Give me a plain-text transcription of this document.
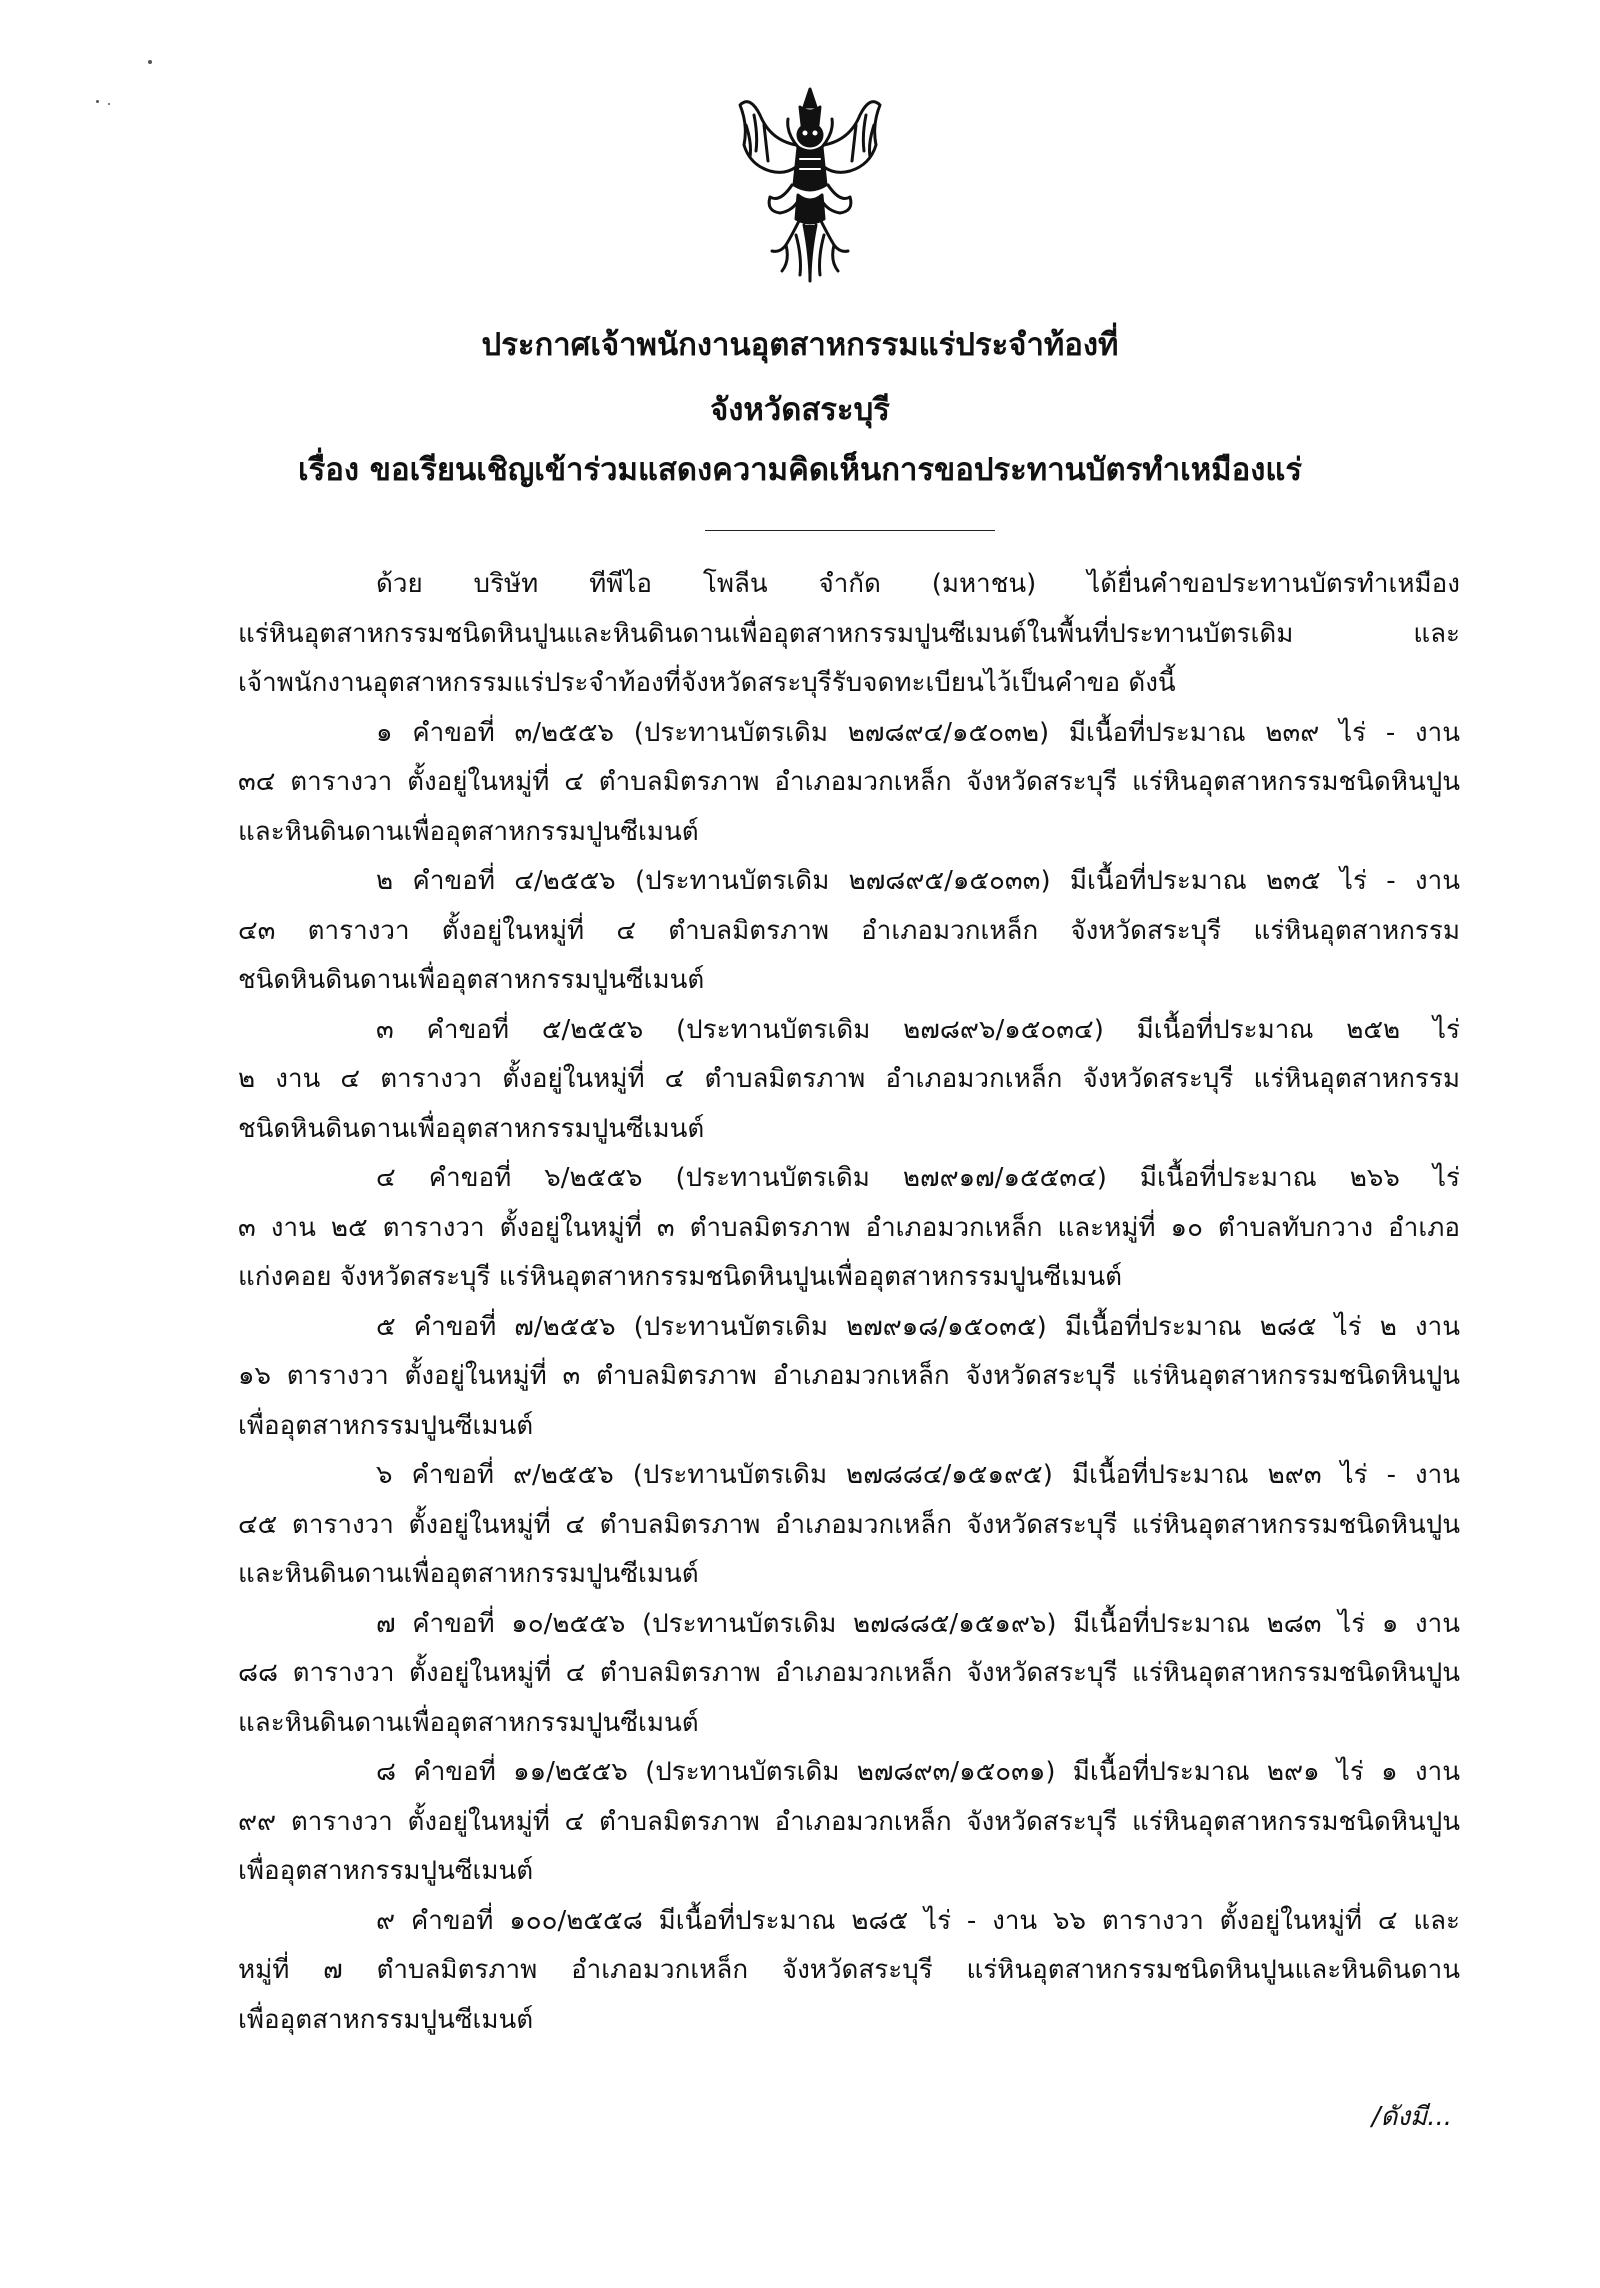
ประกาศเจ้าพนักงานอุตสาหกรรมแร่ประจำท้องที่
จังหวัดสระบุรี
เรื่อง ขอเรียนเชิญเข้าร่วมแสดงความคิดเห็นการขอประทานบัตรทำเหมืองแร่
ด้วย บริษัท ทีพีไอ โพลีน จำกัด (มหาชน) ได้ยื่นคำขอประทานบัตรทำเหมือง
แร่หินอุตสาหกรรมชนิดหินปูนและหินดินดานเพื่ออุตสาหกรรมปูนซีเมนต์ในพื้นที่ประทานบัตรเดิม และ
เจ้าพนักงานอุตสาหกรรมแร่ประจำท้องที่จังหวัดสระบุรีรับจดทะเบียนไว้เป็นคำขอ ดังนี้
๑ คำขอที่ ๓/๒๕๕๖ (ประทานบัตรเดิม ๒๗๘๙๔/๑๕๐๓๒) มีเนื้อที่ประมาณ ๒๓๙ ไร่ - งาน
๓๔ ตารางวา ตั้งอยู่ในหมู่ที่ ๔ ตำบลมิตรภาพ อำเภอมวกเหล็ก จังหวัดสระบุรี แร่หินอุตสาหกรรมชนิดหินปูน
และหินดินดานเพื่ออุตสาหกรรมปูนซีเมนต์
๒ คำขอที่ ๔/๒๕๕๖ (ประทานบัตรเดิม ๒๗๘๙๕/๑๕๐๓๓) มีเนื้อที่ประมาณ ๒๓๕ ไร่ - งาน
๔๓ ตารางวา ตั้งอยู่ในหมู่ที่ ๔ ตำบลมิตรภาพ อำเภอมวกเหล็ก จังหวัดสระบุรี แร่หินอุตสาหกรรม
ชนิดหินดินดานเพื่ออุตสาหกรรมปูนซีเมนต์
๓ คำขอที่ ๕/๒๕๕๖ (ประทานบัตรเดิม ๒๗๘๙๖/๑๕๐๓๔) มีเนื้อที่ประมาณ ๒๕๒ ไร่
๒ งาน ๔ ตารางวา ตั้งอยู่ในหมู่ที่ ๔ ตำบลมิตรภาพ อำเภอมวกเหล็ก จังหวัดสระบุรี แร่หินอุตสาหกรรม
ชนิดหินดินดานเพื่ออุตสาหกรรมปูนซีเมนต์
๔ คำขอที่ ๖/๒๕๕๖ (ประทานบัตรเดิม ๒๗๙๑๗/๑๕๕๓๔) มีเนื้อที่ประมาณ ๒๖๖ ไร่
๓ งาน ๒๕ ตารางวา ตั้งอยู่ในหมู่ที่ ๓ ตำบลมิตรภาพ อำเภอมวกเหล็ก และหมู่ที่ ๑๐ ตำบลทับกวาง อำเภอ
แก่งคอย จังหวัดสระบุรี แร่หินอุตสาหกรรมชนิดหินปูนเพื่ออุตสาหกรรมปูนซีเมนต์
๕ คำขอที่ ๗/๒๕๕๖ (ประทานบัตรเดิม ๒๗๙๑๘/๑๕๐๓๕) มีเนื้อที่ประมาณ ๒๘๕ ไร่ ๒ งาน
๑๖ ตารางวา ตั้งอยู่ในหมู่ที่ ๓ ตำบลมิตรภาพ อำเภอมวกเหล็ก จังหวัดสระบุรี แร่หินอุตสาหกรรมชนิดหินปูน
เพื่ออุตสาหกรรมปูนซีเมนต์
๖ คำขอที่ ๙/๒๕๕๖ (ประทานบัตรเดิม ๒๗๘๘๔/๑๕๑๙๕) มีเนื้อที่ประมาณ ๒๙๓ ไร่ - งาน
๔๕ ตารางวา ตั้งอยู่ในหมู่ที่ ๔ ตำบลมิตรภาพ อำเภอมวกเหล็ก จังหวัดสระบุรี แร่หินอุตสาหกรรมชนิดหินปูน
และหินดินดานเพื่ออุตสาหกรรมปูนซีเมนต์
๗ คำขอที่ ๑๐/๒๕๕๖ (ประทานบัตรเดิม ๒๗๘๘๕/๑๕๑๙๖) มีเนื้อที่ประมาณ ๒๘๓ ไร่ ๑ งาน
๘๘ ตารางวา ตั้งอยู่ในหมู่ที่ ๔ ตำบลมิตรภาพ อำเภอมวกเหล็ก จังหวัดสระบุรี แร่หินอุตสาหกรรมชนิดหินปูน
และหินดินดานเพื่ออุตสาหกรรมปูนซีเมนต์
๘ คำขอที่ ๑๑/๒๕๕๖ (ประทานบัตรเดิม ๒๗๘๙๓/๑๕๐๓๑) มีเนื้อที่ประมาณ ๒๙๑ ไร่ ๑ งาน
๙๙ ตารางวา ตั้งอยู่ในหมู่ที่ ๔ ตำบลมิตรภาพ อำเภอมวกเหล็ก จังหวัดสระบุรี แร่หินอุตสาหกรรมชนิดหินปูน
เพื่ออุตสาหกรรมปูนซีเมนต์
๙ คำขอที่ ๑๐๐/๒๕๕๘ มีเนื้อที่ประมาณ ๒๘๕ ไร่ - งาน ๖๖ ตารางวา ตั้งอยู่ในหมู่ที่ ๔ และ
หมู่ที่ ๗ ตำบลมิตรภาพ อำเภอมวกเหล็ก จังหวัดสระบุรี แร่หินอุตสาหกรรมชนิดหินปูนและหินดินดาน
เพื่ออุตสาหกรรมปูนซีเมนต์
/ดังมี...
